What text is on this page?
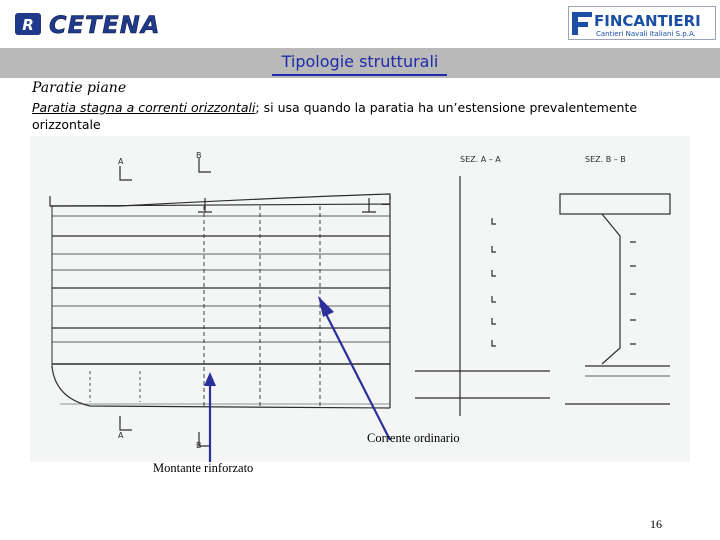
R CETENA	FINCANTIERI
Cantieri Navali Italiani S.p.A.
Tipologie strutturali
Paratie piane
Paratia stagna a correnti orizzontali; si usa quando la paratia ha un’estensione prevalentemente orizzontale
A
B
A
B
SEZ. A – A	SEZ. B – B
Corrente ordinario
Montante rinforzato
16
